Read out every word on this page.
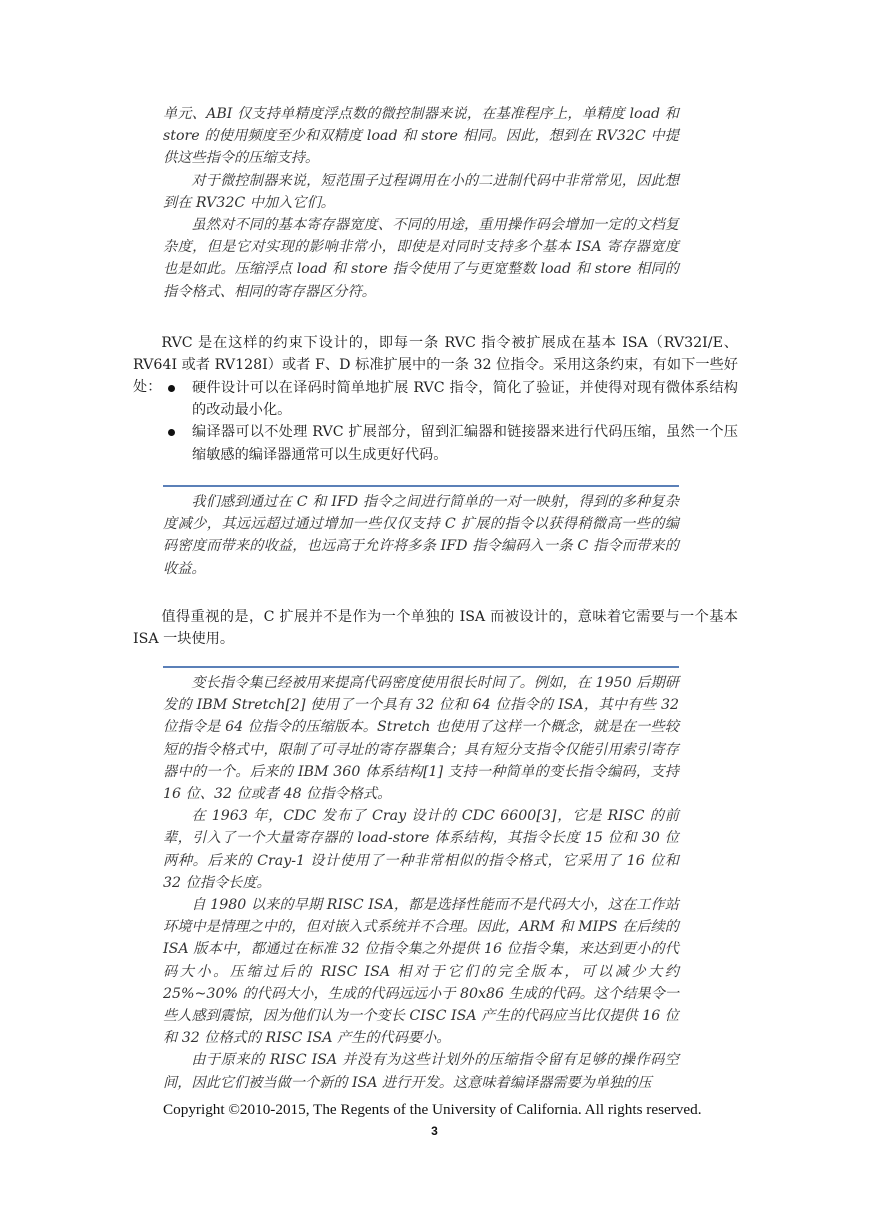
单元、ABI 仅支持单精度浮点数的微控制器来说，在基准程序上，单精度 load 和 store 的使用频度至少和双精度 load 和 store 相同。因此，想到在 RV32C 中提供这些指令的压缩支持。

对于微控制器来说，短范围子过程调用在小的二进制代码中非常常见，因此想到在 RV32C 中加入它们。

虽然对不同的基本寄存器宽度、不同的用途，重用操作码会增加一定的文档复杂度，但是它对实现的影响非常小，即使是对同时支持多个基本 ISA 寄存器宽度也是如此。压缩浮点 load 和 store 指令使用了与更宽整数 load 和 store 相同的指令格式、相同的寄存器区分符。

RVC 是在这样的约束下设计的，即每一条 RVC 指令被扩展成在基本 ISA（RV32I/E、RV64I 或者 RV128I）或者 F、D 标准扩展中的一条 32 位指令。采用这条约束，有如下一些好处：	硬件设计可以在译码时简单地扩展 RVC 指令，简化了验证，并使得对现有微体系结构的改动最小化。
编译器可以不处理 RVC 扩展部分，留到汇编器和链接器来进行代码压缩，虽然一个压缩敏感的编译器通常可以生成更好代码。

我们感到通过在 C 和 IFD 指令之间进行简单的一对一映射，得到的多种复杂度减少，其远远超过通过增加一些仅仅支持 C 扩展的指令以获得稍微高一些的编码密度而带来的收益，也远高于允许将多条 IFD 指令编码入一条 C 指令而带来的收益。

值得重视的是，C 扩展并不是作为一个单独的 ISA 而被设计的，意味着它需要与一个基本 ISA 一块使用。

变长指令集已经被用来提高代码密度使用很长时间了。例如，在 1950 后期研发的 IBM Stretch[2] 使用了一个具有 32 位和 64 位指令的 ISA，其中有些 32 位指令是 64 位指令的压缩版本。Stretch 也使用了这样一个概念，就是在一些较短的指令格式中，限制了可寻址的寄存器集合；具有短分支指令仅能引用索引寄存器中的一个。后来的 IBM 360 体系结构[1] 支持一种简单的变长指令编码，支持 16 位、32 位或者 48 位指令格式。

在 1963 年，CDC 发布了 Cray 设计的 CDC 6600[3]，它是 RISC 的前辈，引入了一个大量寄存器的 load-store 体系结构，其指令长度 15 位和 30 位两种。后来的 Cray-1 设计使用了一种非常相似的指令格式，它采用了 16 位和 32 位指令长度。

自 1980 以来的早期 RISC ISA，都是选择性能而不是代码大小，这在工作站环境中是情理之中的，但对嵌入式系统并不合理。因此，ARM 和 MIPS 在后续的 ISA 版本中，都通过在标准 32 位指令集之外提供 16 位指令集，来达到更小的代码大小。压缩过后的 RISC ISA 相对于它们的完全版本，可以减少大约 25%~30% 的代码大小，生成的代码远远小于 80x86 生成的代码。这个结果令一些人感到震惊，因为他们认为一个变长 CISC ISA 产生的代码应当比仅提供 16 位和 32 位格式的 RISC ISA 产生的代码要小。

由于原来的 RISC ISA 并没有为这些计划外的压缩指令留有足够的操作码空间，因此它们被当做一个新的 ISA 进行开发。这意味着编译器需要为单独的压

Copyright ©2010-2015, The Regents of the University of California. All rights reserved.
3
